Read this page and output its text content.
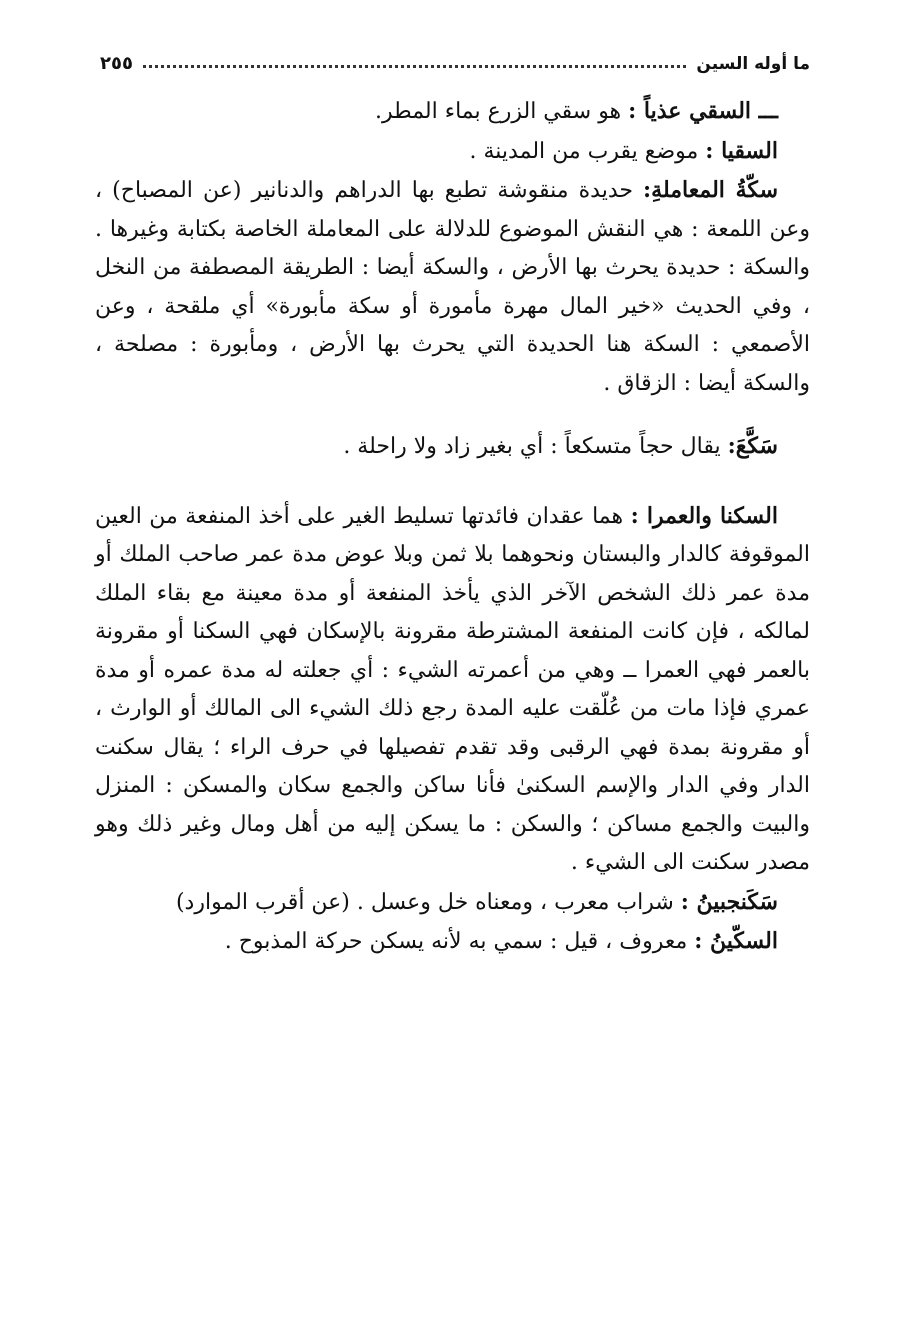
ما أوله السين
٢٥٥

ـــ السقي عذياً : هو سقي الزرع بماء المطر.

السقيا : موضع يقرب من المدينة .

سكّةُ المعاملةِ: حديدة منقوشة تطبع بها الدراهم والدنانير (عن المصباح) ، وعن اللمعة : هي النقش الموضوع للدلالة على المعاملة الخاصة بكتابة وغيرها . والسكة : حديدة يحرث بها الأرض ، والسكة أيضا : الطريقة المصطفة من النخل ، وفي الحديث «خير المال مهرة مأمورة أو سكة مأبورة» أي ملقحة ، وعن الأصمعي : السكة هنا الحديدة التي يحرث بها الأرض ، ومأبورة : مصلحة ، والسكة أيضا : الزقاق .

سَكَّعَ: يقال حجاً متسكعاً : أي بغير زاد ولا راحلة .

السكنا والعمرا : هما عقدان فائدتها تسليط الغير على أخذ المنفعة من العين الموقوفة كالدار والبستان ونحوهما بلا ثمن وبلا عوض مدة عمر صاحب الملك أو مدة عمر ذلك الشخص الآخر الذي يأخذ المنفعة أو مدة معينة مع بقاء الملك لمالكه ، فإن كانت المنفعة المشترطة مقرونة بالإسكان فهي السكنا أو مقرونة بالعمر فهي العمرا ــ وهي من أعمرته الشيء : أي جعلته له مدة عمره أو مدة عمري فإذا مات من عُلّقت عليه المدة رجع ذلك الشيء الى المالك أو الوارث ، أو مقرونة بمدة فهي الرقبى وقد تقدم تفصيلها في حرف الراء ؛ يقال سكنت الدار وفي الدار والإسم السكنىٰ فأنا ساكن والجمع سكان والمسكن : المنزل والبيت والجمع مساكن ؛ والسكن : ما يسكن إليه من أهل ومال وغير ذلك وهو مصدر سكنت الى الشيء .

سَكَنجبينُ : شراب معرب ، ومعناه خل وعسل . (عن أقرب الموارد)

السكّينُ : معروف ، قيل : سمي به لأنه يسكن حركة المذبوح .
